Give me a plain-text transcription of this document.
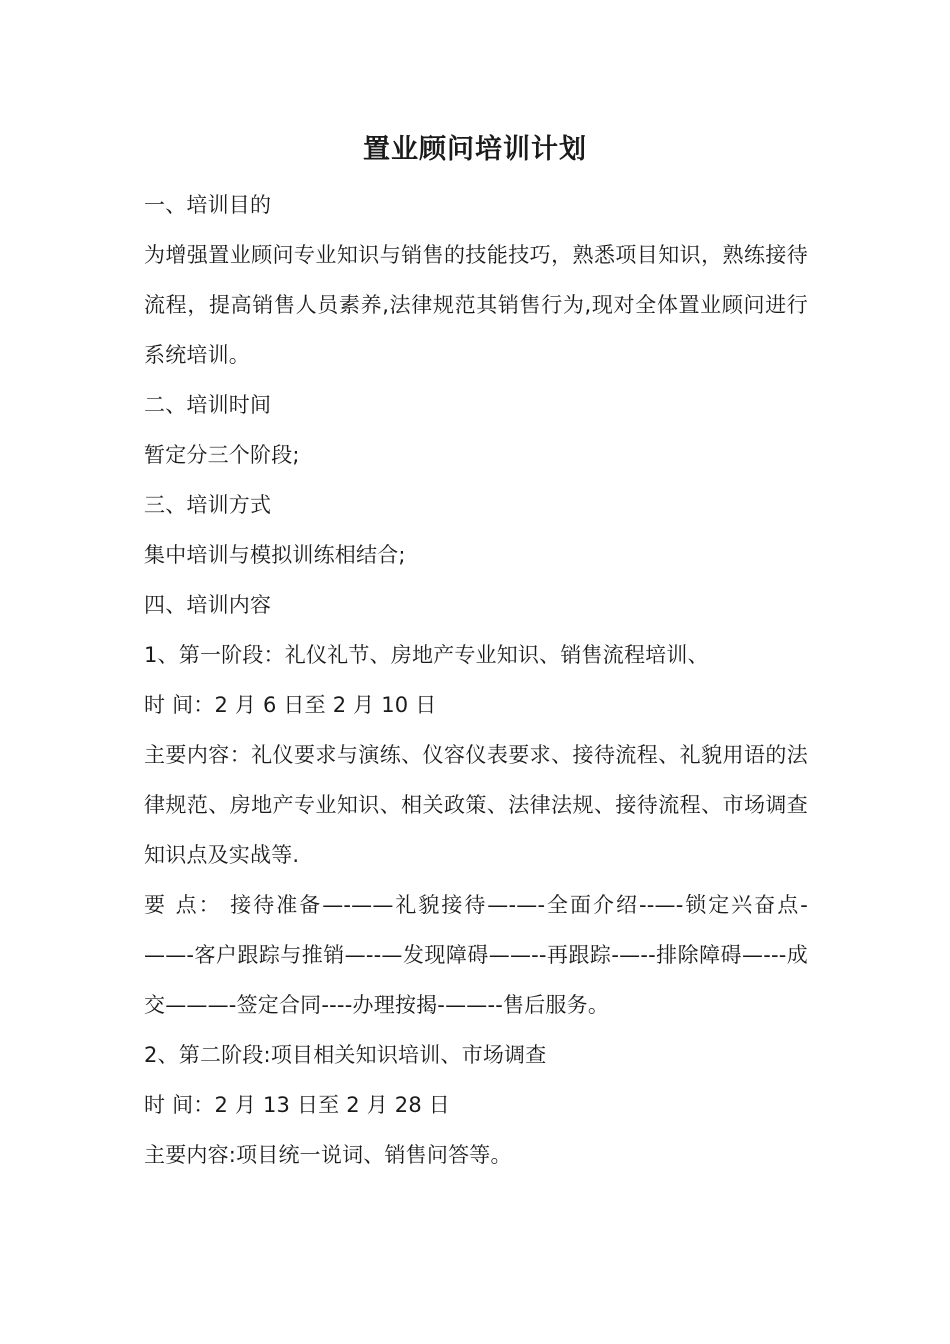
置业顾问培训计划

一、培训目的

为增强置业顾问专业知识与销售的技能技巧，熟悉项目知识，熟练接待流程，提高销售人员素养,法律规范其销售行为,现对全体置业顾问进行系统培训。

二、培训时间

暂定分三个阶段;

三、培训方式

集中培训与模拟训练相结合;

四、培训内容

1、第一阶段：礼仪礼节、房地产专业知识、销售流程培训、

时 间：2 月 6 日至 2 月 10 日

主要内容：礼仪要求与演练、仪容仪表要求、接待流程、礼貌用语的法律规范、房地产专业知识、相关政策、法律法规、接待流程、市场调查知识点及实战等.

要 点： 接待准备—-——礼貌接待—-—-全面介绍--—-锁定兴奋点-——-客户跟踪与推销—--—发现障碍——--再跟踪-—--排除障碍—---成交———-签定合同----办理按揭-——--售后服务。

2、第二阶段:项目相关知识培训、市场调查

时 间：2 月 13 日至 2 月 28 日

主要内容:项目统一说词、销售问答等。
